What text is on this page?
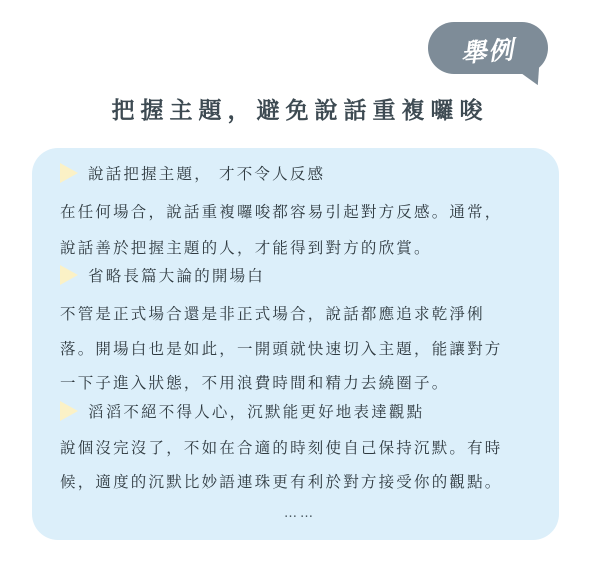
舉例
把握主題，避免說話重複囉唆
說話把握主題， 才不令人反感
在任何場合，說話重複囉唆都容易引起對方反感。通常，
說話善於把握主題的人，才能得到對方的欣賞。
省略長篇大論的開場白
不管是正式場合還是非正式場合，說話都應追求乾淨俐
落。開場白也是如此，一開頭就快速切入主題，能讓對方
一下子進入狀態，不用浪費時間和精力去繞圈子。
滔滔不絕不得人心，沉默能更好地表達觀點
說個沒完沒了，不如在合適的時刻使自己保持沉默。有時
候，適度的沉默比妙語連珠更有利於對方接受你的觀點。
……
